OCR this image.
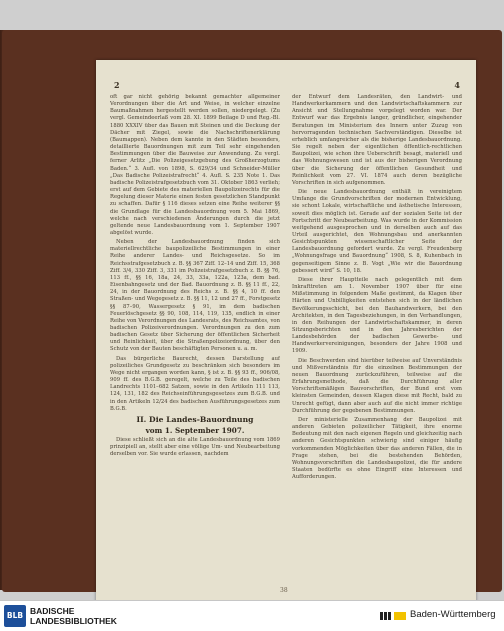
2	4

oft gar nicht gehörig bekannt gemachter allgemeiner Verordnungen über die Art und Weise, in welcher einzelne Baumaßnahmen hergestellt werden sollen, niedergelegt. (Zu vergl. Gemeindeerlaß vom 28. XI. 1899 Beilage D und Reg.-Bl. 1880 XXXIV über das Bauen mit Steinen und die Deckung der Dächer mit Ziegel, sowie die Nachschriftenerklärung (Baumappen). Neben dem kannte in den Städten besonders, detaillierte Bauordnungen mit zum Teil sehr eingehenden Bestimmungen über die Bauweise zur Anwendung. Zu vergl. ferner Arlitz „Die Polizeigesetzgebung des Großherzogtums Baden.“ 3. Aufl. von 1898, S. 629/34 und Schneider-Müller „Das Badische Polizeistrafrecht“ 4. Aufl. S. 235 Note 1. Das badische Polizeistrafgesetzbuch vom 31. Oktober 1863 verlieh; erst auf dem Gebiete des materiellen Baupolizeirechts für die Regelung dieser Materie einen festen gesetzlichen Standpunkt zu schaffen. Dafür § 116 dieses setzen eine Reihe weiterer §§ die Grundlage für die Landesbauordnung vom 5. Mai 1869, welche nach verschiedenen Änderungen durch die jetzt geltende neue Landesbauordnung vom 1. September 1907 abgelöst wurde.

Neben der Landesbauordnung finden sich materiellrechtliche baupolizeiliche Bestimmungen in einer Reihe anderer Landes- und Reichsgesetze. So im Reichsstrafgesetzbuch z. B. §§ 367 Ziff. 12–14 und Ziff. 15, 368 Ziff. 3/4, 330 Ziff. 3, 331 im Polizeistrafgesetzbuch z. B. §§ 76, 113 ff., §§ 16, 18a, 24, 33, 33a, 122a, 123a, dem bad. Eisenbahngesetz und der Bad. Bauordnung z. B. §§ 11 ff., 22, 24, in der Bauordnung des Reichs z. B. §§ 4, 10 ff. den Straßen- und Wegegesetz z. B. §§ 11, 12 und 27 ff., Forstgesetz §§ 87–90, Wassergesetz § 91, im dem badischen Feuerlöschgesetz §§ 90, 108, 114, 119, 135, endlich in einer Reihe von Verordnungen des Landesrats, des Reichsamtes, von badischen Polizeiverordnungen. Verordnungen zu den zum badischen Gesetz über Sicherung der öffentlichen Sicherheit und Reinlichkeit, über die Straßenpolizeiordnung, über den Schutz von der Bauten beschäftigten Personen u. a. m.

Das bürgerliche Baurecht, dessen Darstellung auf polizeiliches Grundgesetz zu beschränken sich besonders im Wege nicht ergangen worden kann, § ist z. B. §§ 93 ff., 906/08, 909 ff. des B.G.B. geregelt, welche zu Teile des badischen Landrechts 1101–682 Satzen, sowie in den Artikeln 111 113, 124, 131, 182 des Reichseinführungsgesetzes zum B.G.B. und in den Artikeln 12/24 des badischen Ausführungsgesetzes zum B.G.B.

II. Die Landes-Bauordnung

vom 1. September 1907.

Diese schließt sich an die alte Landesbauordnung vom 1869 prinzipiell an, stellt aber eine völlige Um- und Neubearbeitung derselben vor. Sie wurde erlassen, nachdem

der Entwurf dem Landesräten, den Landwirt- und Handwerkerkammern und den Landwirtschaftskammern zur Ansicht und Stellungnahme vorgelegt worden war. Der Entwurf war das Ergebnis langer, gründlicher, eingehender Beratungen im Ministerium des Innern unter Zuzug von hervorragenden technischen Sachverständigen. Dieselbe ist erheblich umfangreicher als die bisherige Landesbauordnung. Sie regelt neben der eigentlichen öffentlich-rechtlichen Baupolizei, wie schon ihre Ueberschrift besagt, materiell und das Wohnungswesen und ist aus der bisherigen Verordnung über die Sicherung der öffentlichen Gesundheit und Reinlichkeit vom 27. VI. 1874 auch deren bezügliche Vorschriften in sich aufgenommen.

Die neue Landesbauordnung enthält in vereinigtem Umfange die Grundvorschriften der modernen Entwicklung, sie schont Lokale, wirtschaftliche und ästhetische Interessen, soweit dies möglich ist. Gerade auf der sozialen Seite ist der Fortschritt der Neubearbeitung. Was wurde in der Kommission weitgehend ausgesprochen und in derselben auch auf das Urteil ausgerichtet, den Wohnungsbau und anerkannten Gesichtspunkten wissenschaftlicher Seite der Landesbauordnung gefordert wurde. Zu vergl. Freudenberg „Wohnungsfrage und Bauordnung“ 1908, S. 8, Kuhenbach in gegenseitigem Sinne z. B. Vogt „Wie wir die Bauordnung gebessert wird“ S. 10, 18.

Diese ihrer Hauptteile nach gelegentlich mit dem Inkrafttreten am 1. November 1907 über für eine Mißstimmung in folgendem Maße gestimmt, da Klagen über Härten und Unbilligkeiten entstehen sich in der ländlichen Bevölkerungsschicht, bei den Bauhandwerkern, bei den Architekten, in den Tagesbeziehungen, in den Verhandlungen, in den Reihungen der Landwirtschaftskammer, in deren Sitzungsberichten und in den Jahresberichten der Landesbehörden der badischen Gewerbe- und Handwerkervereinigungen, besonders der Jahre 1908 und 1909.

Die Beschwerden sind hierüber teilweise auf Unverständnis und Mißverständnis für die einzelnen Bestimmungen der neuen Bauordnung zurückzuführen, teilweise auf die Erfahrungsmethode, daß die Durchführung aller Vorschriftsmäßigen Bauvorschriften, der Bund erst vom kleinsten Gemeinden, dessen Klagen diese mit Recht, bald zu Unrecht gefügt, dann aber auch auf die nicht immer richtige Durchführung der gegebenen Bestimmungen.

Der ministerielle Zusammenhang der Baupolizei mit anderen Gebieten polizeilicher Tätigkeit, ihre enorme Bedeutung mit den nach eigenen Regeln und gleichzeitig nach anderen Gesichtspunkten schwierig sind einiger häufig vorkommenden Möglichkeiten über das anderen Fällen, die in Frage stehen, bei die bestehenden Behörden, Wohnungsvorschriften die Landesbaupolizei, die für andere Staaten bedürfte es ohne Eingriff eine Interessen und Aufforderungen.

38
BLB BADISCHE
LANDESBIBLIOTHEK
Baden-Württemberg
